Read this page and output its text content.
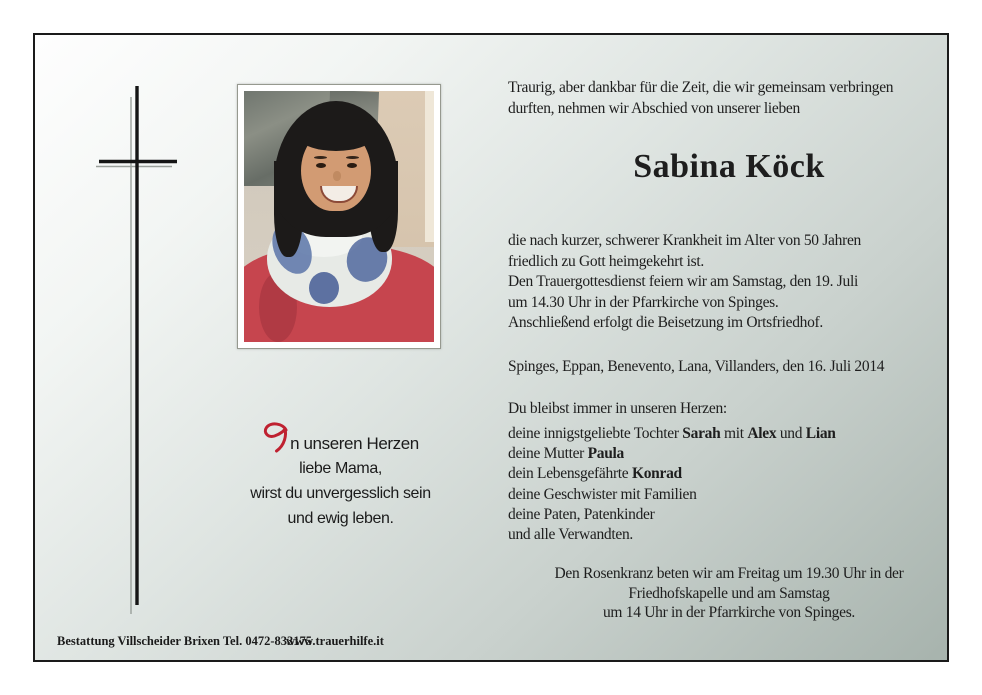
Traurig, aber dankbar für die Zeit, die wir gemeinsam verbringen
durften, nehmen wir Abschied von unserer lieben
Sabina Köck
die nach kurzer, schwerer Krankheit im Alter von 50 Jahren
friedlich zu Gott heimgekehrt ist.
Den Trauergottesdienst feiern wir am Samstag, den 19. Juli
um 14.30 Uhr in der Pfarrkirche von Spinges.
Anschließend erfolgt die Beisetzung im Ortsfriedhof.
Spinges, Eppan, Benevento, Lana, Villanders, den 16. Juli 2014
Du bleibst immer in unseren Herzen:
deine innigstgeliebte Tochter Sarah mit Alex und Lian
deine Mutter Paula
dein Lebensgefährte Konrad
deine Geschwister mit Familien
deine Paten, Patenkinder
und alle Verwandten.
Den Rosenkranz beten wir am Freitag um 19.30 Uhr in der
Friedhofskapelle und am Samstag
um 14 Uhr in der Pfarrkirche von Spinges.
n unseren Herzen
liebe Mama,
wirst du unvergesslich sein
und ewig leben.
Bestattung Villscheider Brixen Tel. 0472-833175
www.trauerhilfe.it
